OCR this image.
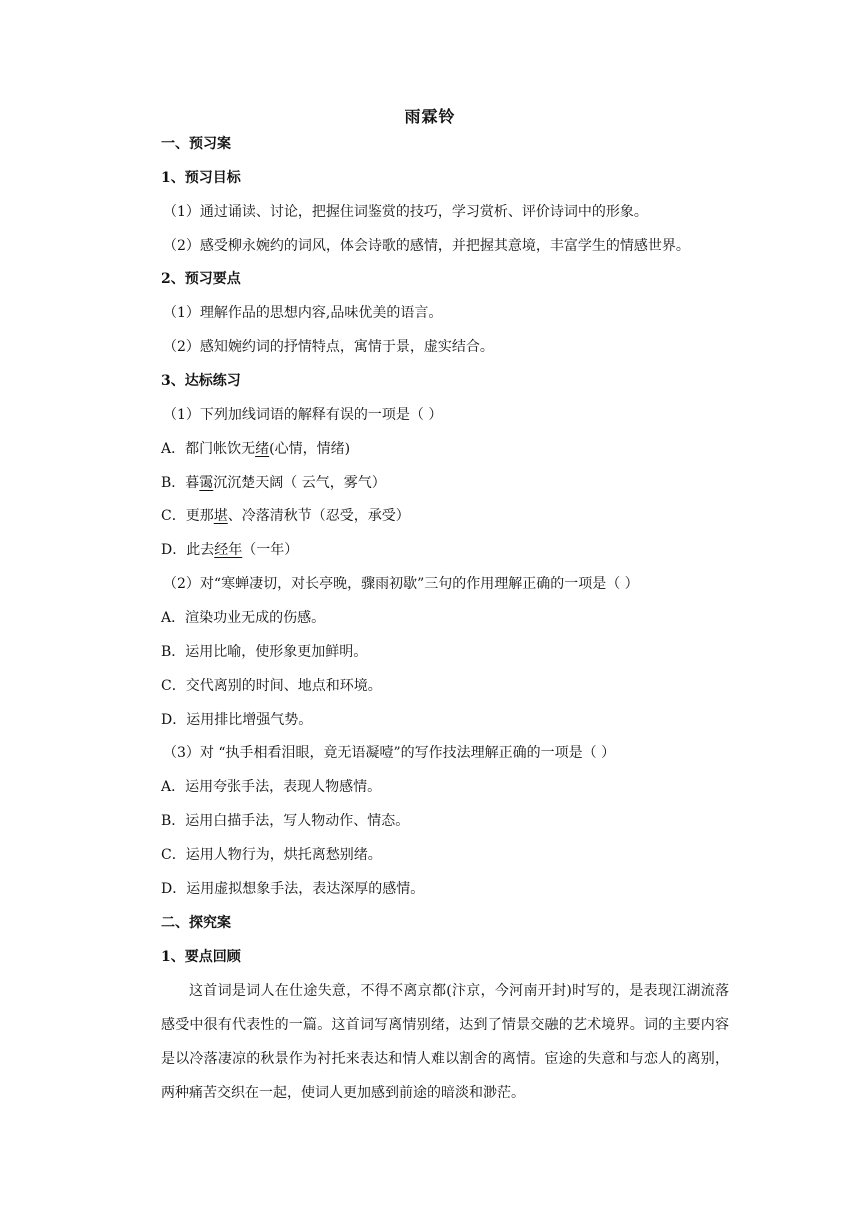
雨霖铃
一、预习案
1、预习目标
（1）通过诵读、讨论，把握住词鉴赏的技巧，学习赏析、评价诗词中的形象。
（2）感受柳永婉约的词风，体会诗歌的感情，并把握其意境，丰富学生的情感世界。
2、预习要点
（1）理解作品的思想内容,品味优美的语言。
（2）感知婉约词的抒情特点，寓情于景，虚实结合。
3、达标练习
（1）下列加线词语的解释有误的一项是（ ）
A．都门帐饮无绪(心情，情绪)
B．暮霭沉沉楚天阔（ 云气，雾气）
C．更那堪、冷落清秋节（忍受，承受）
D．此去经年（一年）
（2）对“寒蝉凄切，对长亭晚，骤雨初歇”三句的作用理解正确的一项是（ ）
A．渲染功业无成的伤感。
B．运用比喻，使形象更加鲜明。
C．交代离别的时间、地点和环境。
D．运用排比增强气势。
（3）对 “执手相看泪眼，竟无语凝噎”的写作技法理解正确的一项是（ ）
A．运用夸张手法，表现人物感情。
B．运用白描手法，写人物动作、情态。
C．运用人物行为，烘托离愁别绪。
D．运用虚拟想象手法，表达深厚的感情。
二、探究案
1、要点回顾
这首词是词人在仕途失意，不得不离京都(汴京，今河南开封)时写的，是表现江湖流落感受中很有代表性的一篇。这首词写离情别绪，达到了情景交融的艺术境界。词的主要内容是以冷落凄凉的秋景作为衬托来表达和情人难以割舍的离情。宦途的失意和与恋人的离别，两种痛苦交织在一起，使词人更加感到前途的暗淡和渺茫。
